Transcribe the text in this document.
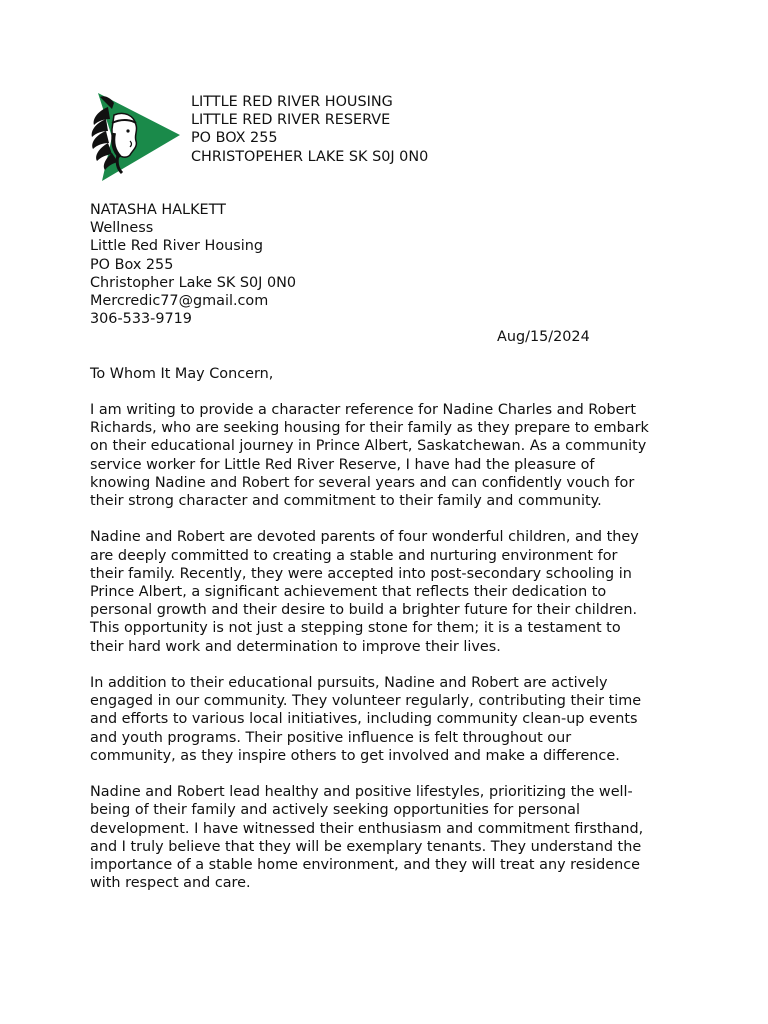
LITTLE RED RIVER HOUSING
LITTLE RED RIVER RESERVE
PO BOX 255
CHRISTOPEHER LAKE SK S0J 0N0
NATASHA HALKETT
Wellness
Little Red River Housing
PO Box 255
Christopher Lake SK S0J 0N0
Mercredic77@gmail.com
306-533-9719
Aug/15/2024
To Whom It May Concern,

I am writing to provide a character reference for Nadine Charles and Robert
Richards, who are seeking housing for their family as they prepare to embark
on their educational journey in Prince Albert, Saskatchewan. As a community
service worker for Little Red River Reserve, I have had the pleasure of
knowing Nadine and Robert for several years and can confidently vouch for
their strong character and commitment to their family and community.

Nadine and Robert are devoted parents of four wonderful children, and they
are deeply committed to creating a stable and nurturing environment for
their family. Recently, they were accepted into post-secondary schooling in
Prince Albert, a significant achievement that reflects their dedication to
personal growth and their desire to build a brighter future for their children.
This opportunity is not just a stepping stone for them; it is a testament to
their hard work and determination to improve their lives.

In addition to their educational pursuits, Nadine and Robert are actively
engaged in our community. They volunteer regularly, contributing their time
and efforts to various local initiatives, including community clean-up events
and youth programs. Their positive influence is felt throughout our
community, as they inspire others to get involved and make a difference.

Nadine and Robert lead healthy and positive lifestyles, prioritizing the well-
being of their family and actively seeking opportunities for personal
development. I have witnessed their enthusiasm and commitment firsthand,
and I truly believe that they will be exemplary tenants. They understand the
importance of a stable home environment, and they will treat any residence
with respect and care.
